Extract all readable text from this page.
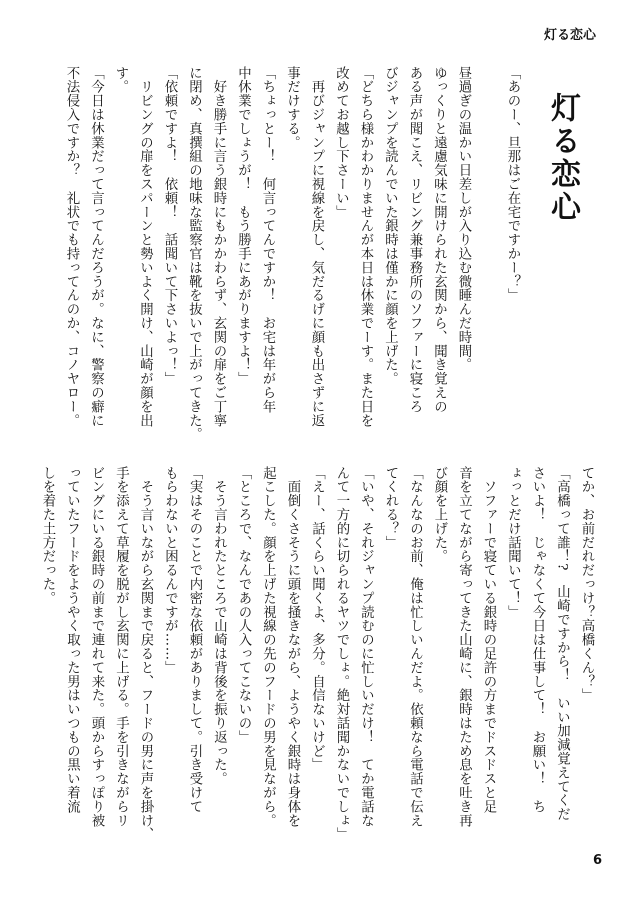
灯る恋心
灯る恋心
「あのー、旦那はご在宅ですかー？」
昼過ぎの温かい日差しが入り込む微睡んだ時間。
ゆっくりと遠慮気味に開けられた玄関から、聞き覚えの
ある声が聞こえ、リビング兼事務所のソファーに寝ころ
びジャンプを読んでいた銀時は僅かに顔を上げた。
「どちら様かわかりませんが本日は休業でーす。また日を
改めてお越し下さーい」
　再びジャンプに視線を戻し、気だるげに顔も出さずに返
事だけする。
「ちょっとー！　何言ってんですか！　お宅は年がら年
中休業でしょうが！　もう勝手にあがりますよ！」
　好き勝手に言う銀時にもかかわらず、玄関の扉をご丁寧
に閉め、真撰組の地味な監察官は靴を抜いで上がってきた。
「依頼ですよ！　依頼！　話聞いて下さいよっ！」
　リビングの扉をスパーンと勢いよく開け、山崎が顔を出
す。
「今日は休業だって言ってんだろうが。なに、警察の癖に
不法侵入ですか？　礼状でも持ってんのか、コノヤロー。
てか、お前だれだっけ？高橋くん？」
「高橋って誰！?　山崎ですから！　いい加減覚えてくだ
さいよ！　じゃなくて今日は仕事して！　お願い！　ち
ょっとだけ話聞いて！」
　ソファーで寝ている銀時の足許の方までドスドスと足
音を立てながら寄ってきた山崎に、銀時はため息を吐き再
び顔を上げた。
「なんなのお前、俺は忙しいんだよ。依頼なら電話で伝え
てくれる？」
「いや、それジャンプ読むのに忙しいだけ！　てか電話な
んて一方的に切られるヤツでしょ。絶対話聞かないでしょ」
「えー、話くらい聞くよ、多分。自信ないけど」
　面倒くさそうに頭を掻きながら、ようやく銀時は身体を
起こした。顔を上げた視線の先のフードの男を見ながら。
「ところで、なんであの人入ってこないの」
　そう言われたところで山崎は背後を振り返った。
「実はそのことで内密な依頼がありまして。引き受けて
もらわないと困るんですが……」
　そう言いながら玄関まで戻ると、フードの男に声を掛け、
手を添えて草履を脱がし玄関に上げる。手を引きながらリ
ビングにいる銀時の前まで連れて来た。頭からすっぽり被
っていたフードをようやく取った男はいつもの黒い着流
しを着た土方だった。
6
